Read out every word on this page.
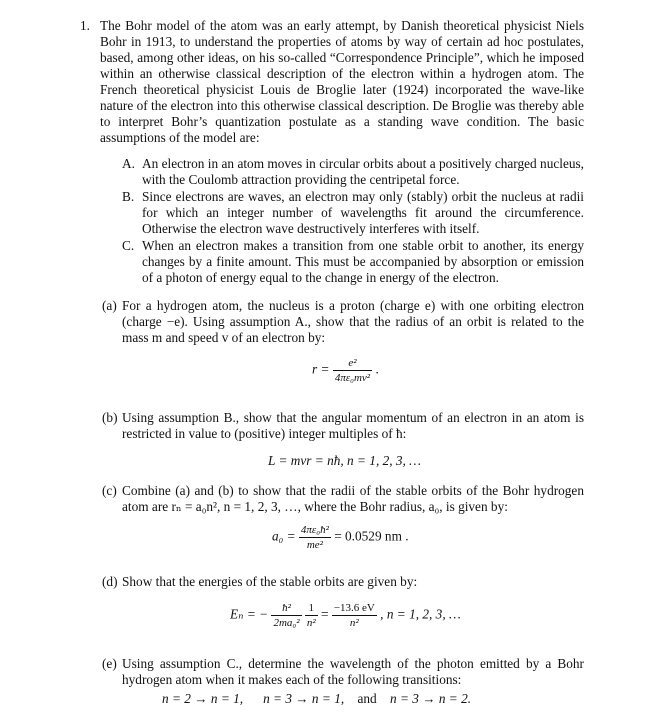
1. The Bohr model of the atom was an early attempt, by Danish theoretical physicist Niels Bohr in 1913, to understand the properties of atoms by way of certain ad hoc postulates, based, among other ideas, on his so-called “Correspondence Principle”, which he imposed within an otherwise classical description of the electron within a hydrogen atom. The French theoretical physicist Louis de Broglie later (1924) incorporated the wave-like nature of the electron into this otherwise classical description. De Broglie was thereby able to interpret Bohr’s quantization postulate as a standing wave condition. The basic assumptions of the model are:
A. An electron in an atom moves in circular orbits about a positively charged nucleus, with the Coulomb attraction providing the centripetal force.
B. Since electrons are waves, an electron may only (stably) orbit the nucleus at radii for which an integer number of wavelengths fit around the circumference. Otherwise the electron wave destructively interferes with itself.
C. When an electron makes a transition from one stable orbit to another, its energy changes by a finite amount. This must be accompanied by absorption or emission of a photon of energy equal to the change in energy of the electron.
(a) For a hydrogen atom, the nucleus is a proton (charge e) with one orbiting electron (charge −e). Using assumption A., show that the radius of an orbit is related to the mass m and speed v of an electron by:
$r = \frac{\text{e²}}{\text{4πε₀mv²}}$ .
(b) Using assumption B., show that the angular momentum of an electron in an atom is restricted in value to (positive) integer multiples of ħ:
L = mvr = nħ, n = 1, 2, 3, …
(c) Combine (a) and (b) to show that the radii of the stable orbits of the Bohr hydrogen atom are rₙ = a₀n², n = 1, 2, 3, …, where the Bohr radius, a₀, is given by:
$a_0 = \frac{\text{4πε₀ħ²}}{\text{me²}} = 0.0529$ nm .
(d) Show that the energies of the stable orbits are given by:
Eₙ = − $\frac{\text{ħ²}}{\text{2ma₀²}}$
$\frac{1}{\text{n²}} = \frac{-13.6 eV}{\text{n²}}$ , n = 1, 2, 3, …
(e) Using assumption C., determine the wavelength of the photon emitted by a Bohr hydrogen atom when it makes each of the following transitions:
n = 2 → n = 1, n = 3 → n = 1, and n = 3 → n = 2.
